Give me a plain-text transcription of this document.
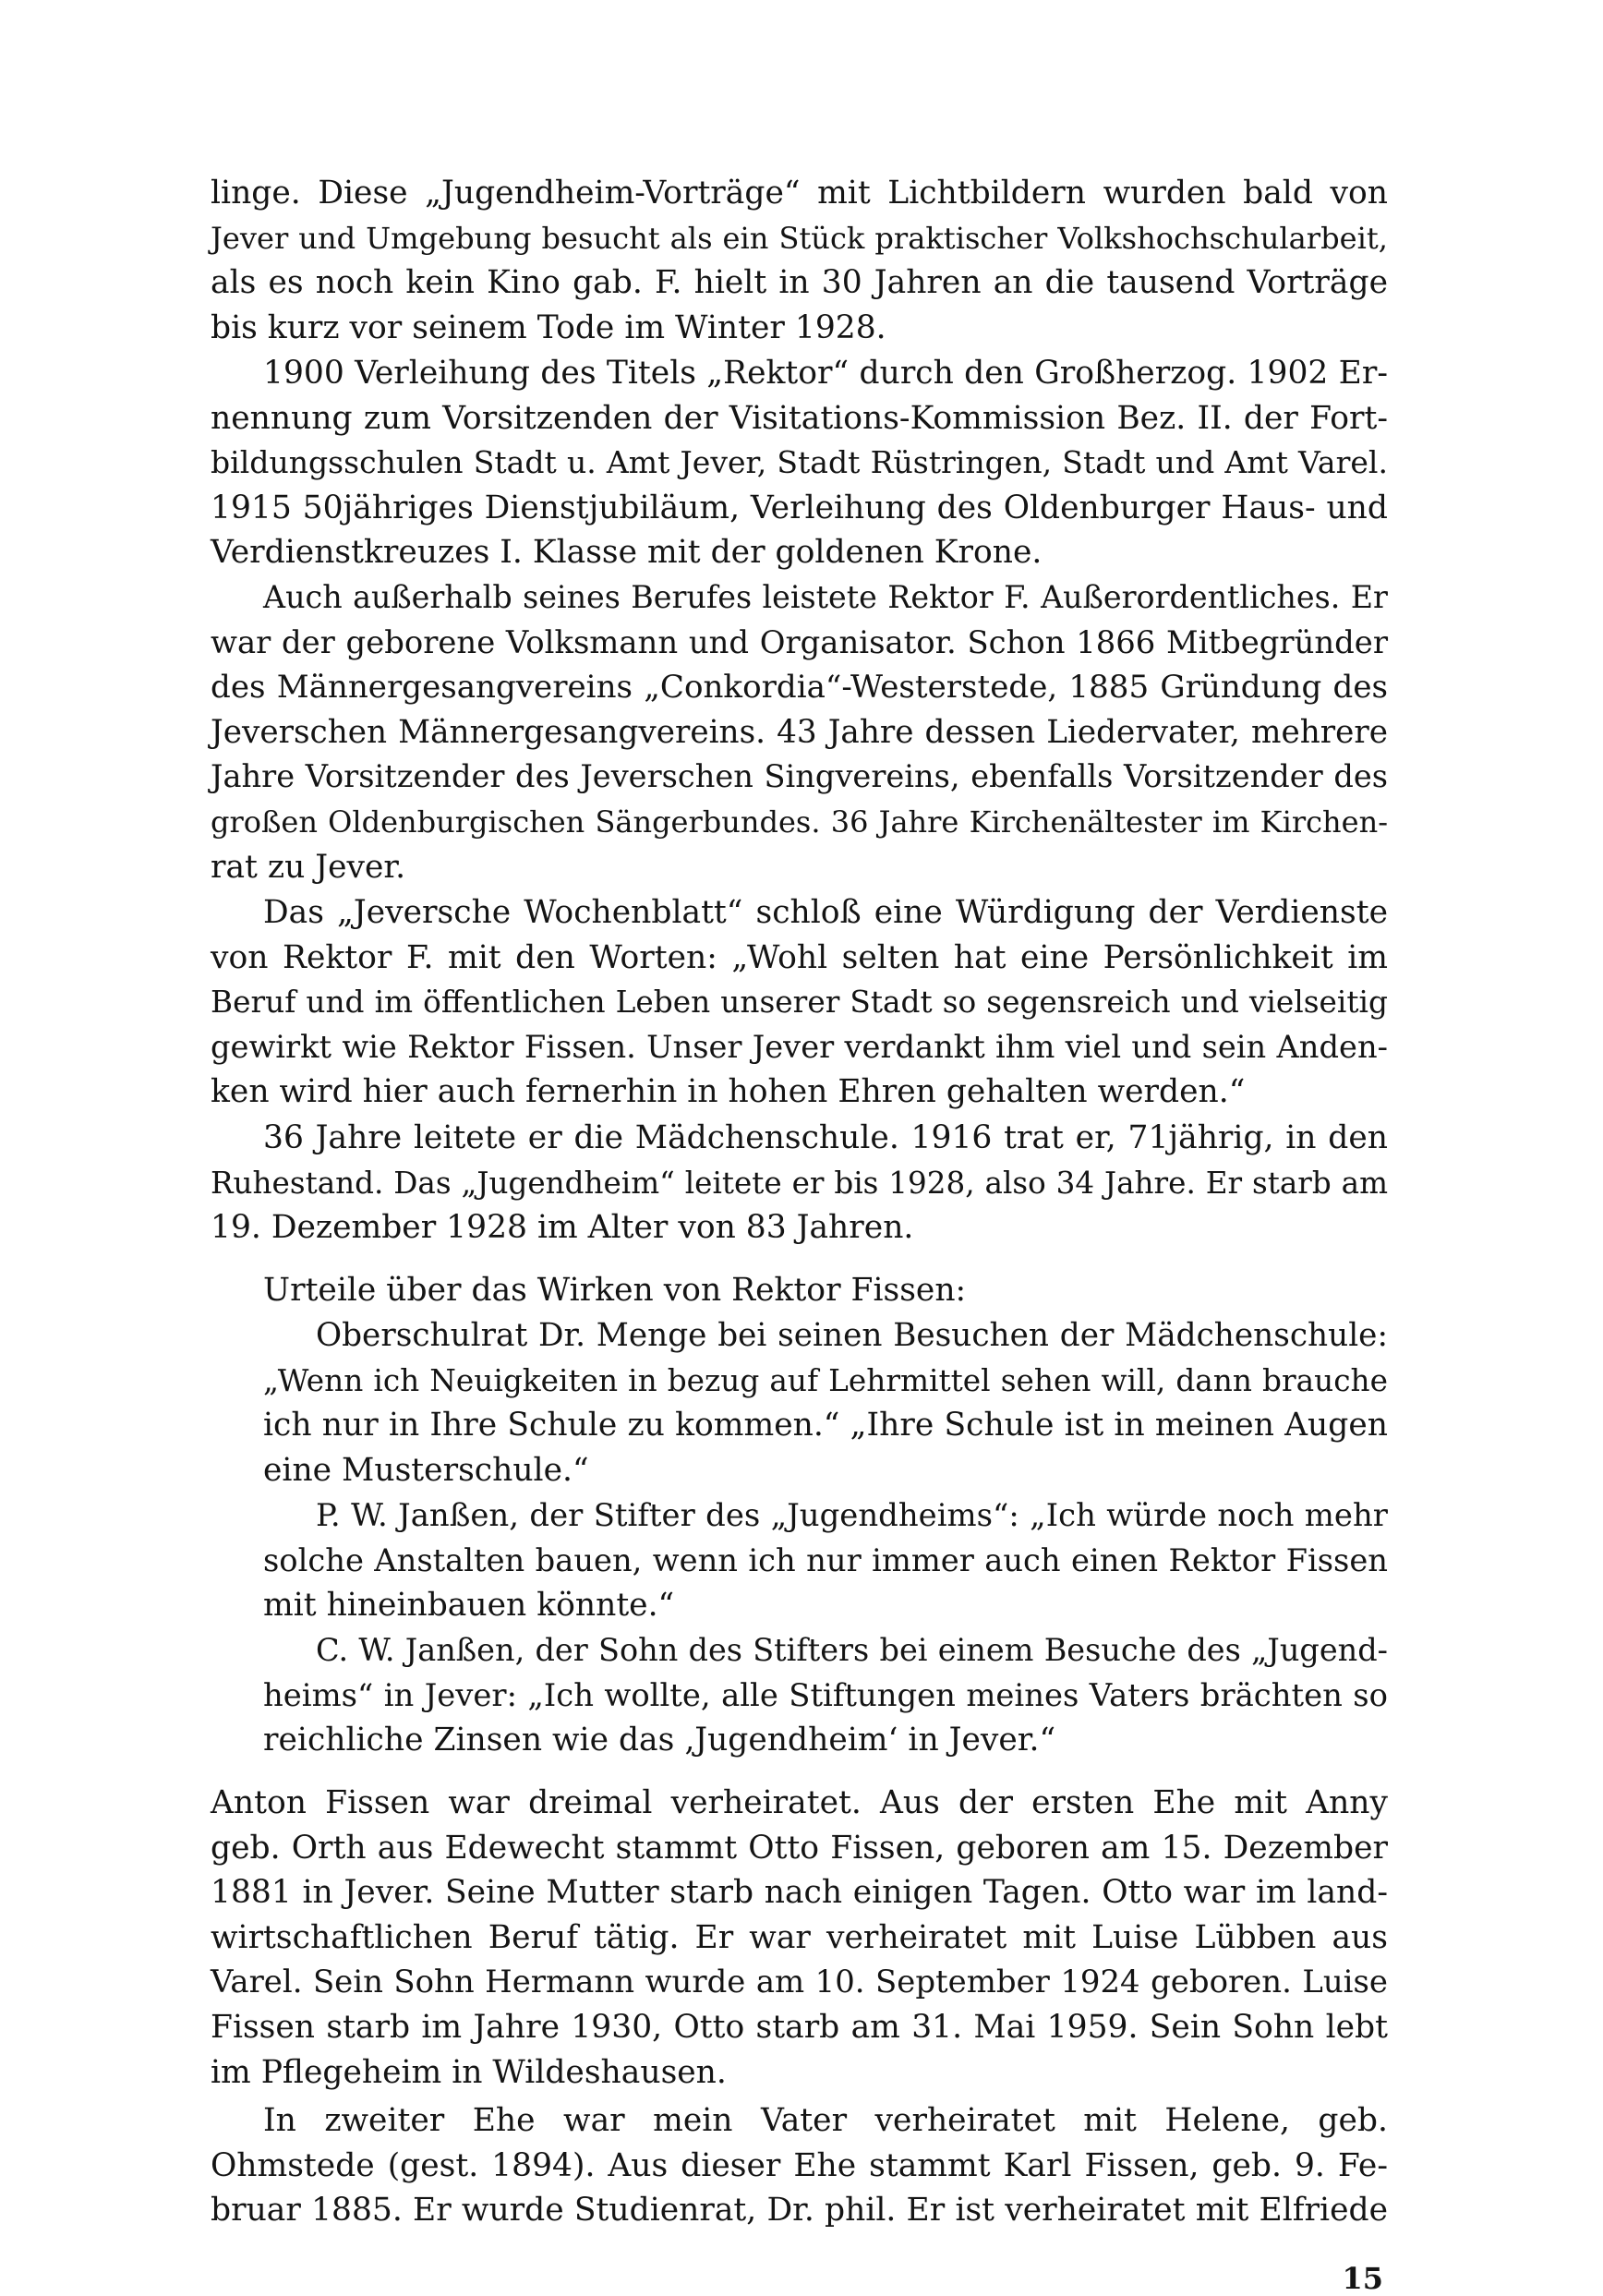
linge. Diese „Jugendheim-Vorträge“ mit Lichtbildern wurden bald von
Jever und Umgebung besucht als ein Stück praktischer Volkshochschularbeit,
als es noch kein Kino gab. F. hielt in 30 Jahren an die tausend Vorträge
bis kurz vor seinem Tode im Winter 1928.
1900 Verleihung des Titels „Rektor“ durch den Großherzog. 1902 Er-
nennung zum Vorsitzenden der Visitations-Kommission Bez. II. der Fort-
bildungsschulen Stadt u. Amt Jever, Stadt Rüstringen, Stadt und Amt Varel.
1915 50jähriges Dienstjubiläum, Verleihung des Oldenburger Haus- und
Verdienstkreuzes I. Klasse mit der goldenen Krone.
Auch außerhalb seines Berufes leistete Rektor F. Außerordentliches. Er
war der geborene Volksmann und Organisator. Schon 1866 Mitbegründer
des Männergesangvereins „Conkordia“-Westerstede, 1885 Gründung des
Jeverschen Männergesangvereins. 43 Jahre dessen Liedervater, mehrere
Jahre Vorsitzender des Jeverschen Singvereins, ebenfalls Vorsitzender des
großen Oldenburgischen Sängerbundes. 36 Jahre Kirchenältester im Kirchen-
rat zu Jever.
Das „Jeversche Wochenblatt“ schloß eine Würdigung der Verdienste
von Rektor F. mit den Worten: „Wohl selten hat eine Persönlichkeit im
Beruf und im öffentlichen Leben unserer Stadt so segensreich und vielseitig
gewirkt wie Rektor Fissen. Unser Jever verdankt ihm viel und sein Anden-
ken wird hier auch fernerhin in hohen Ehren gehalten werden.“
36 Jahre leitete er die Mädchenschule. 1916 trat er, 71jährig, in den
Ruhestand. Das „Jugendheim“ leitete er bis 1928, also 34 Jahre. Er starb am
19. Dezember 1928 im Alter von 83 Jahren.
Urteile über das Wirken von Rektor Fissen:
Oberschulrat Dr. Menge bei seinen Besuchen der Mädchenschule:
„Wenn ich Neuigkeiten in bezug auf Lehrmittel sehen will, dann brauche
ich nur in Ihre Schule zu kommen.“ „Ihre Schule ist in meinen Augen
eine Musterschule.“
P. W. Janßen, der Stifter des „Jugendheims“: „Ich würde noch mehr
solche Anstalten bauen, wenn ich nur immer auch einen Rektor Fissen
mit hineinbauen könnte.“
C. W. Janßen, der Sohn des Stifters bei einem Besuche des „Jugend-
heims“ in Jever: „Ich wollte, alle Stiftungen meines Vaters brächten so
reichliche Zinsen wie das ‚Jugendheim‘ in Jever.“
Anton Fissen war dreimal verheiratet. Aus der ersten Ehe mit Anny
geb. Orth aus Edewecht stammt Otto Fissen, geboren am 15. Dezember
1881 in Jever. Seine Mutter starb nach einigen Tagen. Otto war im land-
wirtschaftlichen Beruf tätig. Er war verheiratet mit Luise Lübben aus
Varel. Sein Sohn Hermann wurde am 10. September 1924 geboren. Luise
Fissen starb im Jahre 1930, Otto starb am 31. Mai 1959. Sein Sohn lebt
im Pflegeheim in Wildeshausen.
In zweiter Ehe war mein Vater verheiratet mit Helene, geb.
Ohmstede (gest. 1894). Aus dieser Ehe stammt Karl Fissen, geb. 9. Fe-
bruar 1885. Er wurde Studienrat, Dr. phil. Er ist verheiratet mit Elfriede
15
